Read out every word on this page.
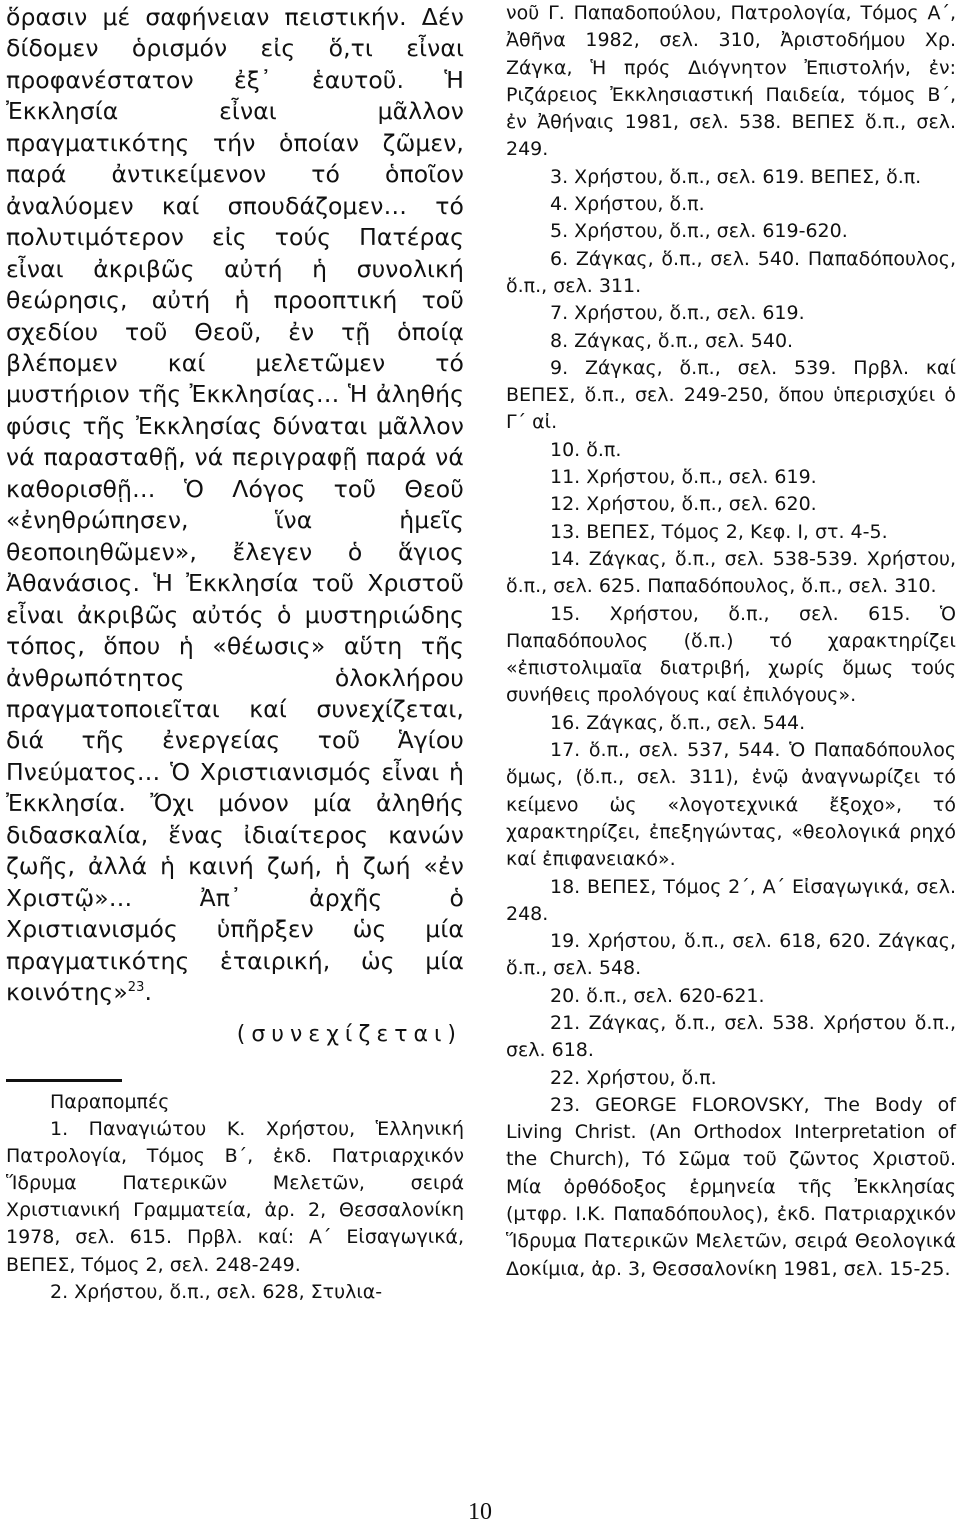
ὅρασιν μέ σαφήνειαν πειστικήν. Δέν δίδομεν ὁρισμόν εἰς ὅ,τι εἶναι προφανέστατον ἐξ᾽ ἑαυτοῦ. Ἡ Ἐκκλησία εἶναι μᾶλλον πραγματικότης τήν ὁποίαν ζῶμεν, παρά ἀντικείμενον τό ὁποῖον ἀναλύομεν καί σπουδάζομεν… τό πολυτιμότερον εἰς τούς Πατέρας εἶναι ἀκριβῶς αὐτή ἡ συνολική θεώρησις, αὐτή ἡ προοπτική τοῦ σχεδίου τοῦ Θεοῦ, ἐν τῇ ὁποίᾳ βλέπομεν καί μελετῶμεν τό μυστήριον τῆς Ἐκκλησίας… Ἡ ἀληθής φύσις τῆς Ἐκκλησίας δύναται μᾶλλον νά παρασταθῇ, νά περιγραφῇ παρά νά καθορισθῇ… Ὁ Λόγος τοῦ Θεοῦ «ἐνηθρώπησεν, ἵνα ἡμεῖς θεοποιηθῶμεν», ἔλεγεν ὁ ἅγιος Ἀθανάσιος. Ἡ Ἐκκλησία τοῦ Χριστοῦ εἶναι ἀκριβῶς αὐτός ὁ μυστηριώδης τόπος, ὅπου ἡ «θέωσις» αὕτη τῆς ἀνθρωπότητος ὁλοκλήρου πραγματοποιεῖται καί συνεχίζεται, διά τῆς ἐνεργείας τοῦ Ἁγίου Πνεύματος… Ὁ Χριστιανισμός εἶναι ἡ Ἐκκλησία. Ὄχι μόνον μία ἀληθής διδασκαλία, ἕνας ἰδιαίτερος κανών ζωῆς, ἀλλά ἡ καινή ζωή, ἡ ζωή «ἐν Χριστῷ»… Ἀπ᾽ ἀρχῆς ὁ Χριστιανισμός ὑπῆρξεν ὡς μία πραγματικότης ἑταιρική, ὡς μία κοινότης»$^{23}$.

(συνεχίζεται)
Παραπομπές

1. Παναγιώτου Κ. Χρήστου, Ἑλληνική Πατρολογία, Τόμος Β΄, ἐκδ. Πατριαρχικόν Ἵδρυμα Πατερικῶν Μελετῶν, σειρά Χριστιανική Γραμματεία, ἀρ. 2, Θεσσαλονίκη 1978, σελ. 615. Πρβλ. καί: Α΄ Εἰσαγωγικά, ΒΕΠΕΣ, Τόμος 2, σελ. 248-249.

2. Χρήστου, ὅ.π., σελ. 628, Στυλια-

νοῦ Γ. Παπαδοπούλου, Πατρολογία, Τόμος Α΄, Ἀθῆνα 1982, σελ. 310, Ἀριστοδήμου Χρ. Ζάγκα, Ἡ πρός Διόγνητον Ἐπιστολήν, ἐν: Ριζάρειος Ἐκκλησιαστική Παιδεία, τόμος Β΄, ἐν Ἀθήναις 1981, σελ. 538. ΒΕΠΕΣ ὅ.π., σελ. 249.

3. Χρήστου, ὅ.π., σελ. 619. ΒΕΠΕΣ, ὅ.π.

4. Χρήστου, ὅ.π.

5. Χρήστου, ὅ.π., σελ. 619-620.

6. Ζάγκας, ὅ.π., σελ. 540. Παπαδόπουλος, ὅ.π., σελ. 311.

7. Χρήστου, ὅ.π., σελ. 619.

8. Ζάγκας, ὅ.π., σελ. 540.

9. Ζάγκας, ὅ.π., σελ. 539. Πρβλ. καί ΒΕΠΕΣ, ὅ.π., σελ. 249-250, ὅπου ὑπερισχύει ὁ Γ΄ αἰ.

10. ὅ.π.

11. Χρήστου, ὅ.π., σελ. 619.

12. Χρήστου, ὅ.π., σελ. 620.

13. ΒΕΠΕΣ, Τόμος 2, Κεφ. Ι, στ. 4-5.

14. Ζάγκας, ὅ.π., σελ. 538-539. Χρήστου, ὅ.π., σελ. 625. Παπαδόπουλος, ὅ.π., σελ. 310.

15. Χρήστου, ὅ.π., σελ. 615. Ὁ Παπαδόπουλος (ὅ.π.) τό χαρακτηρίζει «ἐπιστολιμαῖα διατριβή, χωρίς ὅμως τούς συνήθεις προλόγους καί ἐπιλόγους».

16. Ζάγκας, ὅ.π., σελ. 544.

17. ὅ.π., σελ. 537, 544. Ὁ Παπαδόπουλος ὅμως, (ὅ.π., σελ. 311), ἐνῷ ἀναγνωρίζει τό κείμενο ὡς «λογοτεχνικά ἔξοχο», τό χαρακτηρίζει, ἐπεξηγώντας, «θεολογικά ρηχό καί ἐπιφανειακό».

18. ΒΕΠΕΣ, Τόμος 2΄, Α΄ Εἰσαγωγικά, σελ. 248.

19. Χρήστου, ὅ.π., σελ. 618, 620. Ζάγκας, ὅ.π., σελ. 548.

20. ὅ.π., σελ. 620-621.

21. Ζάγκας, ὅ.π., σελ. 538. Χρήστου ὅ.π., σελ. 618.

22. Χρήστου, ὅ.π.

23. GEORGE FLOROVSKY, The Body of Living Christ. (An Orthodox Interpretation of the Church), Τό Σῶμα τοῦ ζῶντος Χριστοῦ. Μία ὀρθόδοξος ἑρμηνεία τῆς Ἐκκλησίας (μτφρ. Ι.Κ. Παπαδόπουλος), ἐκδ. Πατριαρχικόν Ἵδρυμα Πατερικῶν Μελετῶν, σειρά Θεολογικά Δοκίμια, ἀρ. 3, Θεσσαλονίκη 1981, σελ. 15-25.

10
